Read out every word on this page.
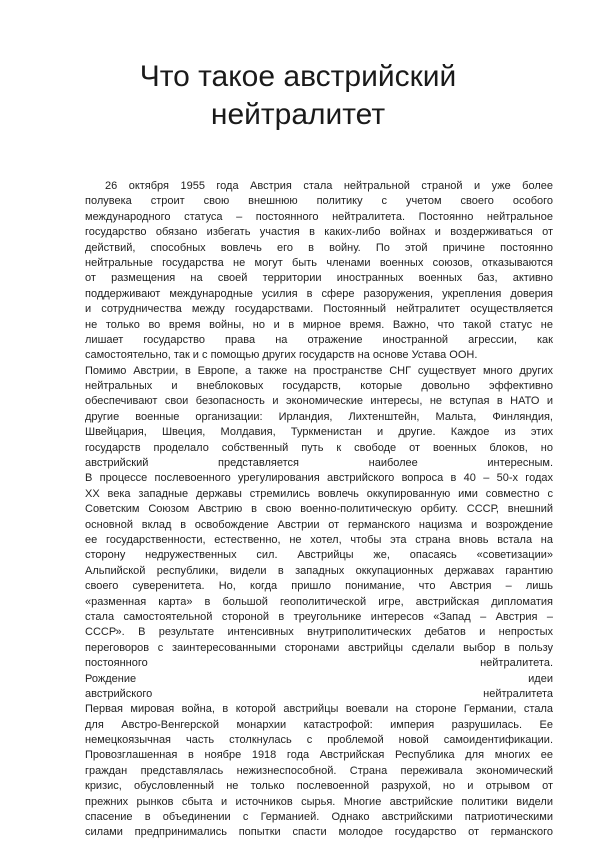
Что такое австрийский
нейтралитет
26 октября 1955 года Австрия стала нейтральной страной и уже более
полувека строит свою внешнюю политику с учетом своего особого
международного статуса – постоянного нейтралитета. Постоянно нейтральное
государство обязано избегать участия в каких-либо войнах и воздерживаться от
действий, способных вовлечь его в войну. По этой причине постоянно
нейтральные государства не могут быть членами военных союзов, отказываются
от размещения на своей территории иностранных военных баз, активно
поддерживают международные усилия в сфере разоружения, укрепления доверия
и сотрудничества между государствами. Постоянный нейтралитет осуществляется
не только во время войны, но и в мирное время. Важно, что такой статус не
лишает государство права на отражение иностранной агрессии, как
самостоятельно, так и с помощью других государств на основе Устава ООН.
Помимо Австрии, в Европе, а также на пространстве СНГ существует много других
нейтральных и внеблоковых государств, которые довольно эффективно
обеспечивают свои безопасность и экономические интересы, не вступая в НАТО и
другие военные организации: Ирландия, Лихтенштейн, Мальта, Финляндия,
Швейцария, Швеция, Молдавия, Туркменистан и другие. Каждое из этих
государств проделало собственный путь к свободе от военных блоков, но
австрийский представляется наиболее интересным.
В процессе послевоенного урегулирования австрийского вопроса в 40 – 50-х годах
XX века западные державы стремились вовлечь оккупированную ими совместно с
Советским Союзом Австрию в свою военно-политическую орбиту. СССР, внешний
основной вклад в освобождение Австрии от германского нацизма и возрождение
ее государственности, естественно, не хотел, чтобы эта страна вновь встала на
сторону недружественных сил. Австрийцы же, опасаясь «советизации»
Альпийской республики, видели в западных оккупационных державах гарантию
своего суверенитета. Но, когда пришло понимание, что Австрия – лишь
«разменная карта» в большой геополитической игре, австрийская дипломатия
стала самостоятельной стороной в треугольнике интересов «Запад – Австрия –
СССР». В результате интенсивных внутриполитических дебатов и непростых
переговоров с заинтересованными сторонами австрийцы сделали выбор в пользу
постоянного нейтралитета.
Рождение идеи
австрийского нейтралитета
Первая мировая война, в которой австрийцы воевали на стороне Германии, стала
для Австро-Венгерской монархии катастрофой: империя разрушилась. Ее
немецкоязычная часть столкнулась с проблемой новой самоидентификации.
Провозглашенная в ноябре 1918 года Австрийская Республика для многих ее
граждан представлялась нежизнеспособной. Страна переживала экономический
кризис, обусловленный не только послевоенной разрухой, но и отрывом от
прежних рынков сбыта и источников сырья. Многие австрийские политики видели
спасение в объединении с Германией. Однако австрийскими патриотическими
силами предпринимались попытки спасти молодое государство от германского
